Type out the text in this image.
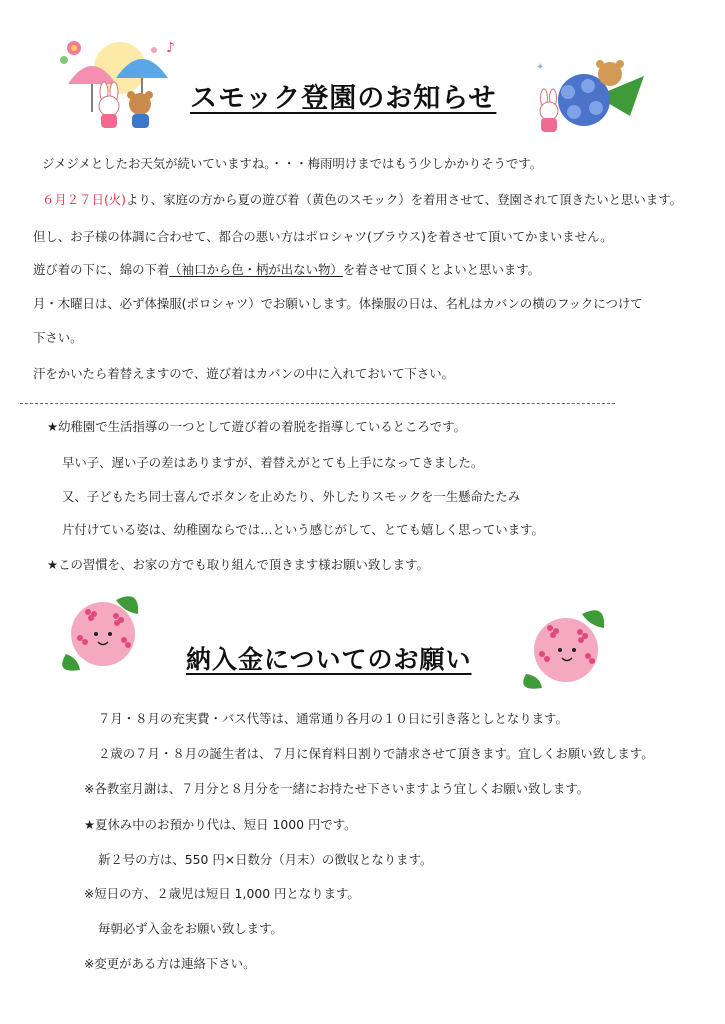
♪
スモック登園のお知らせ
✦
ジメジメとしたお天気が続いていますね。・・・梅雨明けまではもう少しかかりそうです。
６月２７日(火)より、家庭の方から夏の遊び着（黄色のスモック）を着用させて、登園されて頂きたいと思います。
但し、お子様の体調に合わせて、都合の悪い方はポロシャツ(ブラウス)を着させて頂いてかまいません。
遊び着の下に、綿の下着（袖口から色・柄が出ない物）を着させて頂くとよいと思います。
月・木曜日は、必ず体操服(ポロシャツ）でお願いします。体操服の日は、名札はカバンの横のフックにつけて
下さい。
汗をかいたら着替えますので、遊び着はカバンの中に入れておいて下さい。
★幼稚園で生活指導の一つとして遊び着の着脱を指導しているところです。
早い子、遅い子の差はありますが、着替えがとても上手になってきました。
又、子どもたち同士喜んでボタンを止めたり、外したりスモックを一生懸命たたみ
片付けている姿は、幼稚園ならでは…という感じがして、とても嬉しく思っています。
★この習慣を、お家の方でも取り組んで頂きます様お願い致します。
納入金についてのお願い
７月・８月の充実費・バス代等は、通常通り各月の１０日に引き落としとなります。
２歳の７月・８月の誕生者は、７月に保育料日割りで請求させて頂きます。宜しくお願い致します。
※各教室月謝は、７月分と８月分を一緒にお持たせ下さいますよう宜しくお願い致します。
★夏休み中のお預かり代は、短日 1000 円です。
新２号の方は、550 円×日数分（月末）の徴収となります。
※短日の方、２歳児は短日 1,000 円となります。
毎朝必ず入金をお願い致します。
※変更がある方は連絡下さい。
